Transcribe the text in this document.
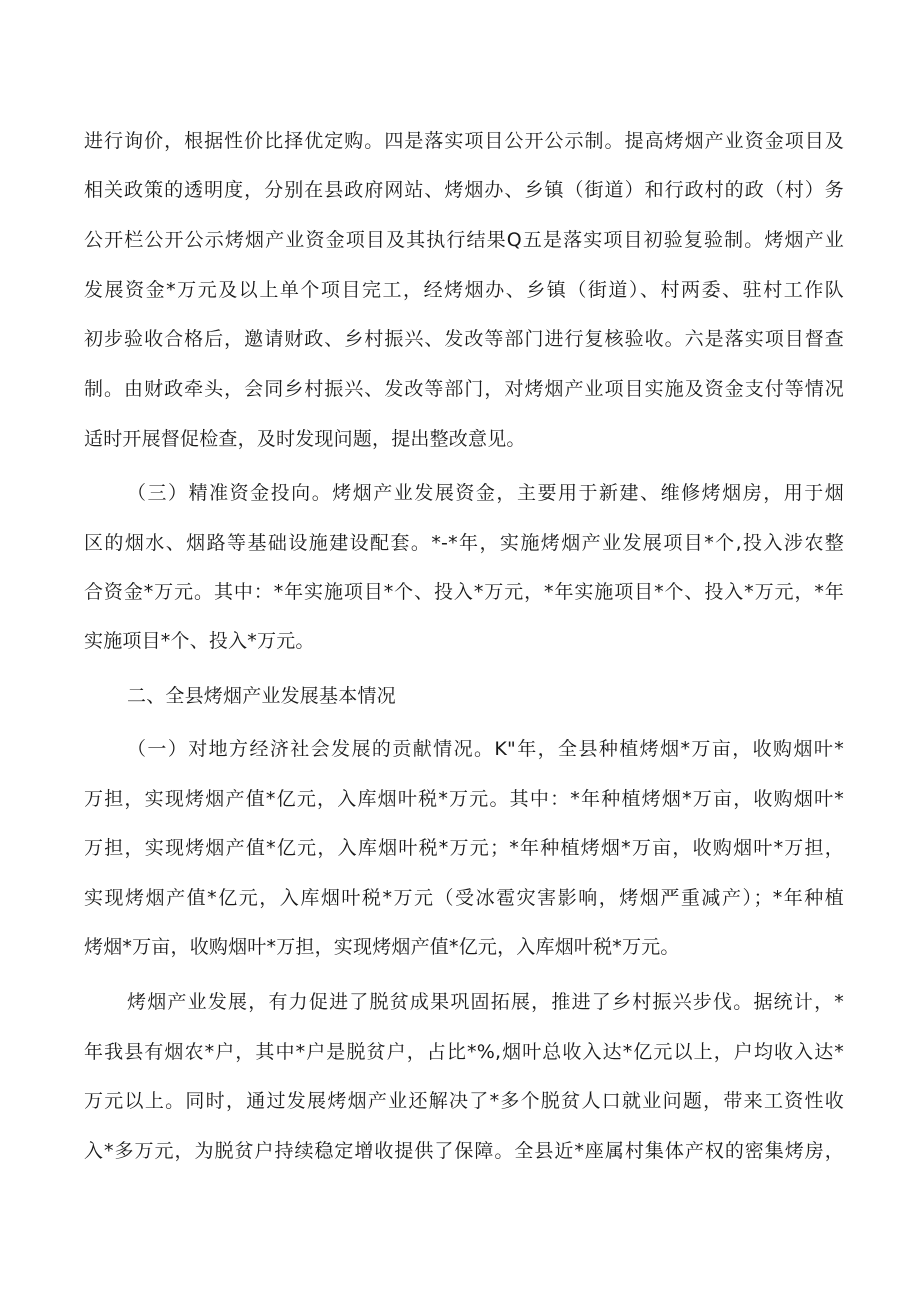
进行询价，根据性价比择优定购。四是落实项目公开公示制。提高烤烟产业资金项目及
相关政策的透明度，分别在县政府网站、烤烟办、乡镇（街道）和行政村的政（村）务
公开栏公开公示烤烟产业资金项目及其执行结果Q五是落实项目初验复验制。烤烟产业
发展资金*万元及以上单个项目完工，经烤烟办、乡镇（街道）、村两委、驻村工作队
初步验收合格后，邀请财政、乡村振兴、发改等部门进行复核验收。六是落实项目督查
制。由财政牵头，会同乡村振兴、发改等部门，对烤烟产业项目实施及资金支付等情况
适时开展督促检查，及时发现问题，提出整改意见。
（三）精准资金投向。烤烟产业发展资金，主要用于新建、维修烤烟房，用于烟
区的烟水、烟路等基础设施建设配套。*-*年，实施烤烟产业发展项目*个,投入涉农整
合资金*万元。其中：*年实施项目*个、投入*万元，*年实施项目*个、投入*万元，*年
实施项目*个、投入*万元。
二、全县烤烟产业发展基本情况
（一）对地方经济社会发展的贡献情况。K"年，全县种植烤烟*万亩，收购烟叶*
万担，实现烤烟产值*亿元，入库烟叶税*万元。其中：*年种植烤烟*万亩，收购烟叶*
万担，实现烤烟产值*亿元，入库烟叶税*万元；*年种植烤烟*万亩，收购烟叶*万担，
实现烤烟产值*亿元，入库烟叶税*万元（受冰雹灾害影响，烤烟严重减产）；*年种植
烤烟*万亩，收购烟叶*万担，实现烤烟产值*亿元，入库烟叶税*万元。
烤烟产业发展，有力促进了脱贫成果巩固拓展，推进了乡村振兴步伐。据统计，*
年我县有烟农*户，其中*户是脱贫户，占比*%,烟叶总收入达*亿元以上，户均收入达*
万元以上。同时，通过发展烤烟产业还解决了*多个脱贫人口就业问题，带来工资性收
入*多万元，为脱贫户持续稳定增收提供了保障。全县近*座属村集体产权的密集烤房，
